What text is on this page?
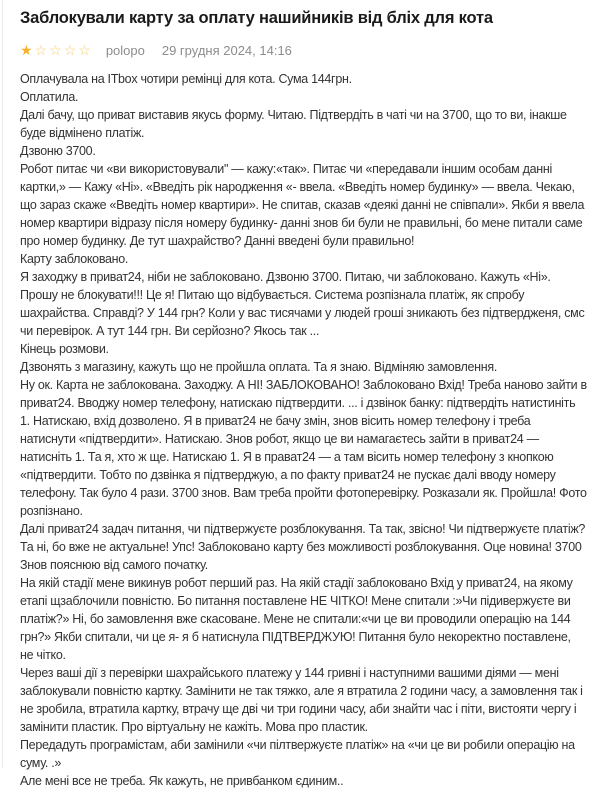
Заблокували карту за оплату нашийників від бліх для кота
★☆☆☆☆ polopo 29 грудня 2024, 14:16

Оплачувала на ITbox чотири ремінці для кота. Сума 144грн.

Оплатила.

Далі бачу, що приват виставив якусь форму. Читаю. Підтвердіть в чаті чи на 3700, що то ви, інакше буде відмінено платіж.

Дзвоню 3700.

Робот питає чи «ви використовували" — кажу:«так». Питає чи «передавали іншим особам данні картки,» — Кажу «Ні». «Введіть рік народження «- ввела. «Введіть номер будинку» — ввела. Чекаю, що зараз скаже «Введіть номер квартири». Не спитав, сказав «деякі данні не співпали». Якби я ввела номер квартири відразу після номеру будинку- данні знов би були не правильні, бо мене питали саме про номер будинку. Де тут шахрайство? Данні введені були правильно!

Карту заблоковано.

Я заходжу в приват24, ніби не заблоковано. Дзвоню 3700. Питаю, чи заблоковано. Кажуть «Ні». Прошу не блокувати!!! Це я! Питаю що відбувається. Система розпізнала платіж, як спробу шахрайства. Справді? У 144 грн? Коли у вас тисячами у людей гроші зникають без підтвердженя, смс чи перевірок. А тут 144 грн. Ви серйозно? Якось так ...

Кінець розмови.

Дзвонять з магазину, кажуть що не пройшла оплата. Та я знаю. Відміняю замовлення.

Ну ок. Карта не заблокована. Заходжу. А НІ! ЗАБЛОКОВАНО! Заблоковано Вхід! Треба наново зайти в приват24. Вводжу номер телефону, натискаю підтвердити. ... і дзвінок банку: підтвердіть натистиніть 1. Натискаю, вхід дозволено. Я в приват24 не бачу змін, знов вісить номер телефону і треба натиснути «підтвердити». Натискаю. Знов робот, якщо це ви намагаєтесь зайти в приват24 — натисніть 1. Та я, хто ж ще. Натискаю 1. Я в прават24 — а там вісить номер телефону з кнопкою «підтвердити. Тобто по дзвінка я підтверджую, а по факту приват24 не пускає далі вводу номеру телефону. Так було 4 рази. 3700 знов. Вам треба пройти фотоперевірку. Розказали як. Пройшла! Фото розпізнано.

Далі приват24 задач питання, чи підтвержуєте розблокування. Та так, звісно! Чи підтвержуєте платіж? Та ні, бо вже не актуальне! Упс! Заблоковано карту без можливості розблокування. Оце новина! 3700 Знов пояснюю від самого початку.

На якій стадії мене викинув робот перший раз. На якій стадії заблоковано Вхід у приват24, на якому етапі щзаблочили повністю. Бо питання поставлене НЕ ЧІТКО! Мене спитали :»Чи підивержуєте ви платіж?» Ні, бо замовлення вже скасоване. Мене не спитали:«чи це ви проводили операцію на 144 грн?» Якби спитали, чи це я- я б натиснула ПІДТВЕРДЖУЮ! Питання було некоректно поставлене, не чітко.

Через ваші дії з перевірки шахрайського платежу у 144 гривні і наступними вашими діями — мені заблокували повністю картку. Замінити не так тяжко, але я втратила 2 години часу, а замовлення так і не зробила, втратила картку, втрачу ще дві чи три години часу, аби знайти час і піти, вистояти чергу і замінити пластик. Про віртуальну не кажіть. Мова про пластик.

Передадуть програмістам, аби замінили «чи пілтвержуєте платіж» на «чи це ви робили операцію на суму. .»

Але мені все не треба. Як кажуть, не привбанком єдиним..
